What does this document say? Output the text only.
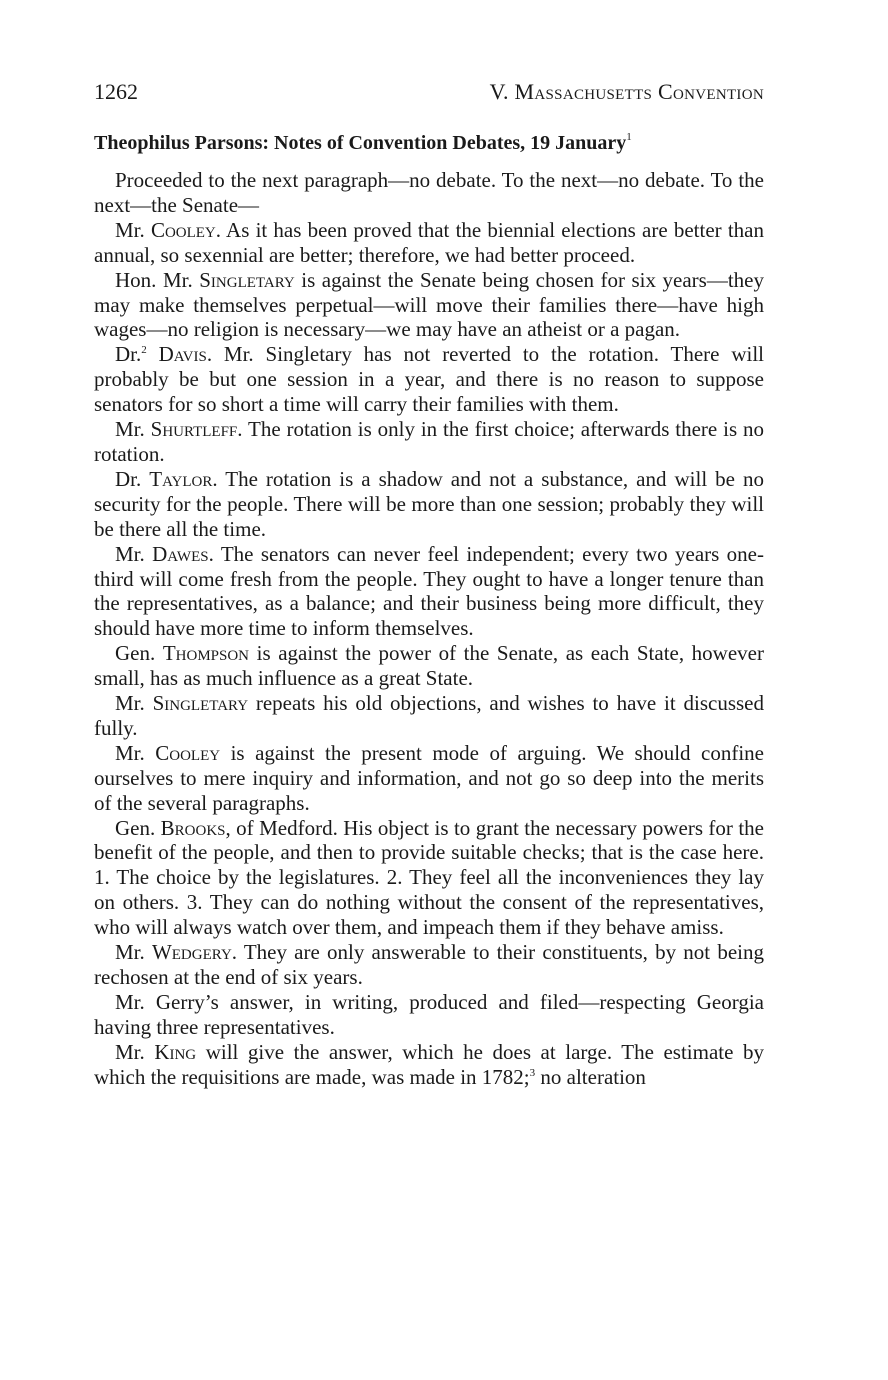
1262	V. Massachusetts Convention
Theophilus Parsons: Notes of Convention Debates, 19 January$^1$

Proceeded to the next paragraph—no debate. To the next—no debate. To the next—the Senate—

Mr. Cooley. As it has been proved that the biennial elections are better than annual, so sexennial are better; therefore, we had better proceed.

Hon. Mr. Singletary is against the Senate being chosen for six years—they may make themselves perpetual—will move their families there—have high wages—no religion is necessary—we may have an atheist or a pagan.

Dr.$^2$ Davis. Mr. Singletary has not reverted to the rotation. There will probably be but one session in a year, and there is no reason to suppose senators for so short a time will carry their families with them.

Mr. Shurtleff. The rotation is only in the first choice; afterwards there is no rotation.

Dr. Taylor. The rotation is a shadow and not a substance, and will be no security for the people. There will be more than one session; probably they will be there all the time.

Mr. Dawes. The senators can never feel independent; every two years one-third will come fresh from the people. They ought to have a longer tenure than the representatives, as a balance; and their business being more difficult, they should have more time to inform themselves.

Gen. Thompson is against the power of the Senate, as each State, however small, has as much influence as a great State.

Mr. Singletary repeats his old objections, and wishes to have it discussed fully.

Mr. Cooley is against the present mode of arguing. We should confine ourselves to mere inquiry and information, and not go so deep into the merits of the several paragraphs.

Gen. Brooks, of Medford. His object is to grant the necessary powers for the benefit of the people, and then to provide suitable checks; that is the case here. 1. The choice by the legislatures. 2. They feel all the inconveniences they lay on others. 3. They can do nothing without the consent of the representatives, who will always watch over them, and impeach them if they behave amiss.

Mr. Wedgery. They are only answerable to their constituents, by not being rechosen at the end of six years.

Mr. Gerry’s answer, in writing, produced and filed—respecting Georgia having three representatives.

Mr. King will give the answer, which he does at large. The estimate by which the requisitions are made, was made in 1782;$^3$ no alteration
